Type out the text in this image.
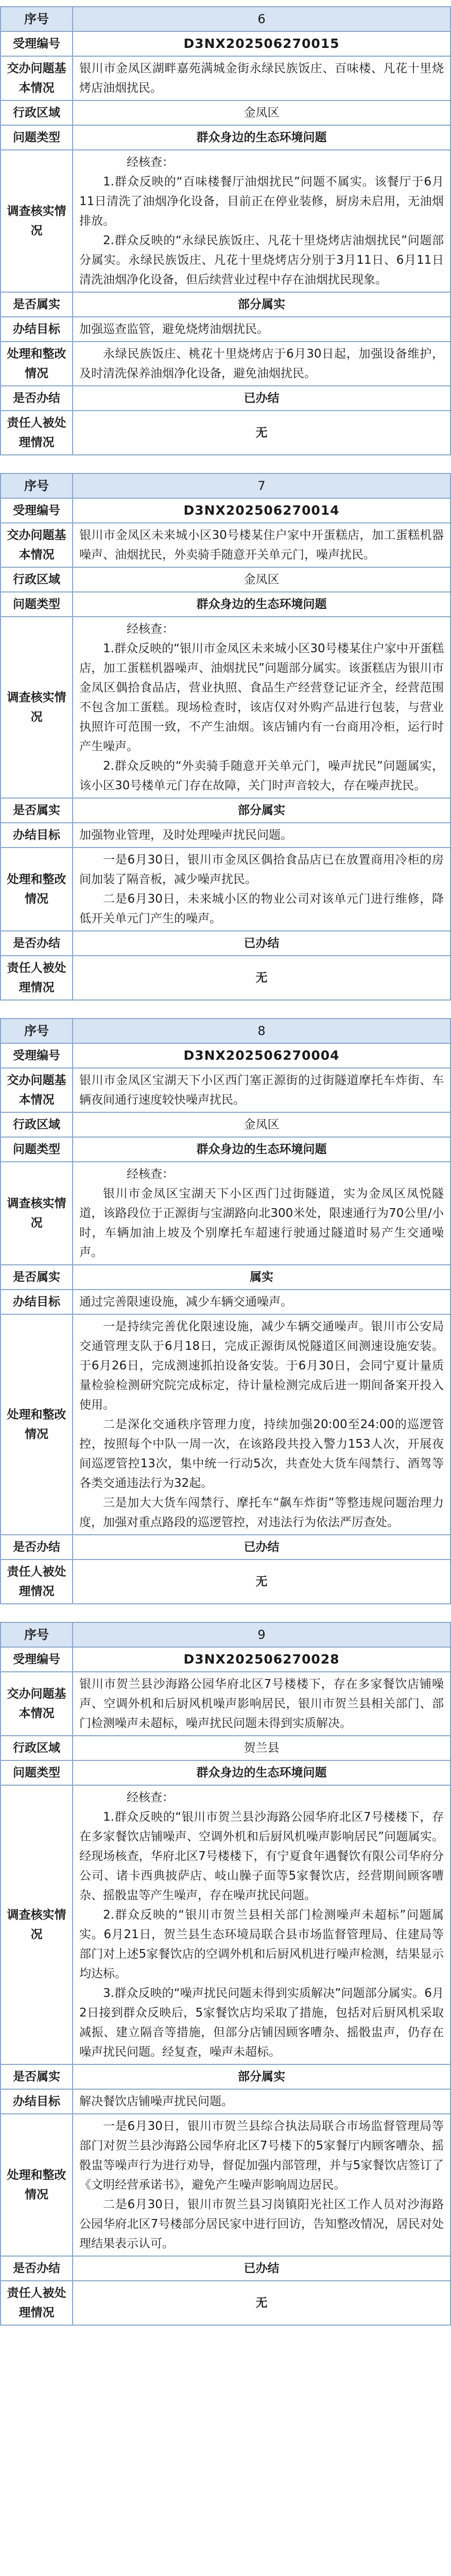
序号	6
受理编号	D3NX202506270015
交办问题基本情况	银川市金凤区湖畔嘉苑满城金街永绿民族饭庄、百味楼、凡花十里烧烤店油烟扰民。
行政区域	金凤区
问题类型	群众身边的生态环境问题
调查核实情况	经核查：
1.群众反映的“百味楼餐厅油烟扰民”问题不属实。该餐厅于6月11日清洗了油烟净化设备，目前正在停业装修，厨房未启用，无油烟排放。
2.群众反映的“永绿民族饭庄、凡花十里烧烤店油烟扰民”问题部分属实。永绿民族饭庄、凡花十里烧烤店分别于3月11日、6月11日清洗油烟净化设备，但后续营业过程中存在油烟扰民现象。

是否属实	部分属实
办结目标	加强巡查监管，避免烧烤油烟扰民。
处理和整改情况	永绿民族饭庄、桃花十里烧烤店于6月30日起，加强设备维护，及时清洗保养油烟净化设备，避免油烟扰民。

是否办结	已办结
责任人被处理情况	无
序号	7
受理编号	D3NX202506270014
交办问题基本情况	银川市金凤区未来城小区30号楼某住户家中开蛋糕店，加工蛋糕机器噪声、油烟扰民，外卖骑手随意开关单元门，噪声扰民。
行政区域	金凤区
问题类型	群众身边的生态环境问题
调查核实情况	经核查：
1.群众反映的“银川市金凤区未来城小区30号楼某住户家中开蛋糕店，加工蛋糕机器噪声、油烟扰民”问题部分属实。该蛋糕店为银川市金凤区偶拾食品店，营业执照、食品生产经营登记证齐全，经营范围不包含加工蛋糕。现场检查时，该店仅对外购产品进行包装，与营业执照许可范围一致，不产生油烟。该店铺内有一台商用冷柜，运行时产生噪声。
2.群众反映的“外卖骑手随意开关单元门，噪声扰民”问题属实，该小区30号楼单元门存在故障，关门时声音较大，存在噪声扰民。

是否属实	部分属实
办结目标	加强物业管理，及时处理噪声扰民问题。
处理和整改情况	一是6月30日，银川市金凤区偶拾食品店已在放置商用冷柜的房间加装了隔音板，减少噪声扰民。
二是6月30日，未来城小区的物业公司对该单元门进行维修，降低开关单元门产生的噪声。

是否办结	已办结
责任人被处理情况	无
序号	8
受理编号	D3NX202506270004
交办问题基本情况	银川市金凤区宝湖天下小区西门塞正源街的过街隧道摩托车炸街、车辆夜间通行速度较快噪声扰民。
行政区域	金凤区
问题类型	群众身边的生态环境问题
调查核实情况	经核查：
银川市金凤区宝湖天下小区西门过街隧道，实为金凤区凤悦隧道，该路段位于正源街与宝湖路向北300米处，限速通行为70公里/小时，车辆加油上坡及个别摩托车超速行驶通过隧道时易产生交通噪声。

是否属实	属实
办结目标	通过完善限速设施，减少车辆交通噪声。
处理和整改情况	一是持续完善优化限速设施，减少车辆交通噪声。银川市公安局交通管理支队于6月18日，完成正源街凤悦隧道区间测速设施安装。于6月26日，完成测速抓拍设备安装。于6月30日，会同宁夏计量质量检验检测研究院完成标定，待计量检测完成后进一期间备案开投入使用。
二是深化交通秩序管理力度，持续加强20:00至24:00的巡逻管控，按照每个中队一周一次，在该路段共投入警力153人次，开展夜间巡逻管控13次，集中统一行动5次，共查处大货车闯禁行、酒驾等各类交通违法行为32起。
三是加大大货车闯禁行、摩托车“飙车炸街”等整违规问题治理力度，加强对重点路段的巡逻管控，对违法行为依法严厉查处。

是否办结	已办结
责任人被处理情况	无
序号	9
受理编号	D3NX202506270028
交办问题基本情况	银川市贺兰县沙海路公园华府北区7号楼楼下，存在多家餐饮店铺噪声、空调外机和后厨风机噪声影响居民，银川市贺兰县相关部门、部门检测噪声未超标，噪声扰民问题未得到实质解决。
行政区域	贺兰县
问题类型	群众身边的生态环境问题
调查核实情况	经核查：
1.群众反映的“银川市贺兰县沙海路公园华府北区7号楼楼下，存在多家餐饮店铺噪声、空调外机和后厨风机噪声影响居民”问题属实。经现场核查，华府北区7号楼楼下，有宁夏食年遇餐饮有限公司华府分公司、诸卡西典披萨店、岐山臊子面等5家餐饮店，经营期间顾客嘈杂、摇骰盅等产生噪声，存在噪声扰民问题。
2.群众反映的“银川市贺兰县相关部门检测噪声未超标”问题属实。6月21日，贺兰县生态环境局联合县市场监督管理局、住建局等部门对上述5家餐饮店的空调外机和后厨风机进行噪声检测，结果显示均达标。
3.群众反映的“噪声扰民问题未得到实质解决”问题部分属实。6月2日接到群众反映后，5家餐饮店均采取了措施，包括对后厨风机采取减振、建立隔音等措施，但部分店铺因顾客嘈杂、摇骰盅声，仍存在噪声扰民问题。经复查，噪声未超标。

是否属实	部分属实
办结目标	解决餐饮店铺噪声扰民问题。
处理和整改情况	一是6月30日，银川市贺兰县综合执法局联合市场监督管理局等部门对贺兰县沙海路公园华府北区7号楼下的5家餐厅内顾客嘈杂、摇骰盅等噪声行为进行劝导，督促加强内部管理，并与5家餐饮店签订了《文明经营承诺书》，避免产生噪声影响周边居民。
二是6月30日，银川市贺兰县习岗镇阳光社区工作人员对沙海路公园华府北区7号楼部分居民家中进行回访，告知整改情况，居民对处理结果表示认可。

是否办结	已办结
责任人被处理情况	无
